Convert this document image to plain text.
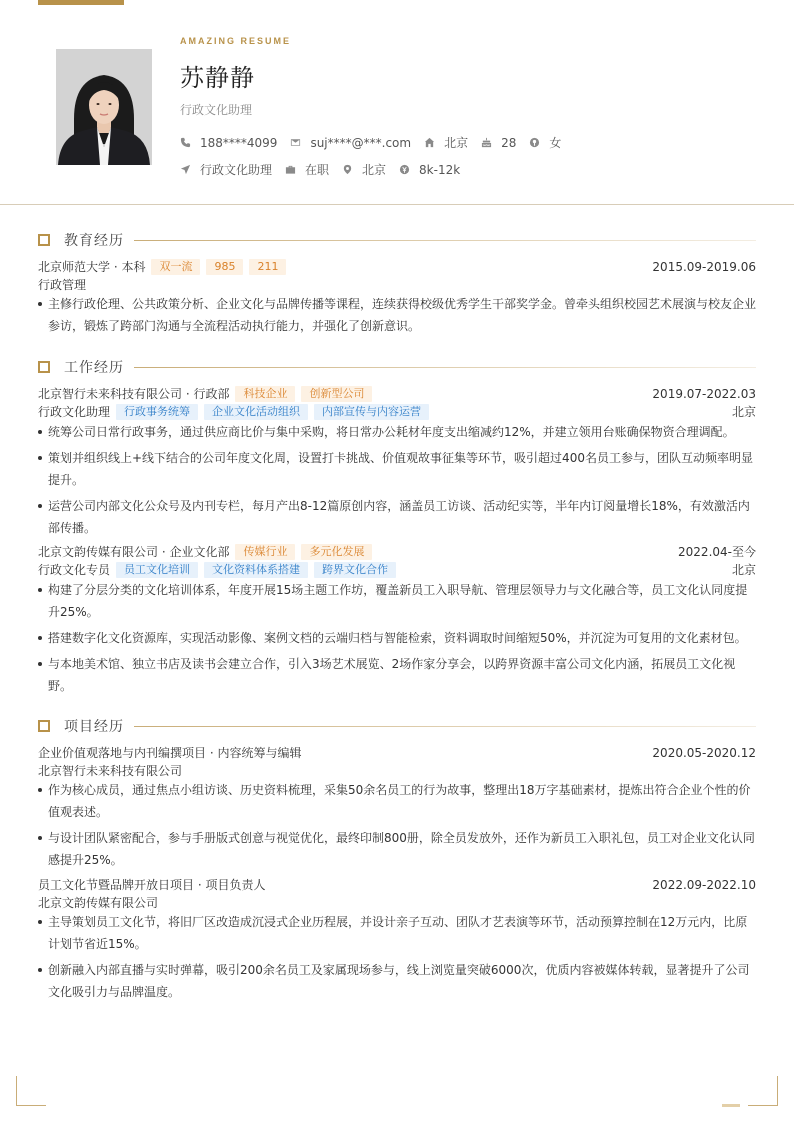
AMAZING RESUME
苏静静
行政文化助理
188****4099	suj****@***.com	北京	28	女
行政文化助理	在职	北京	8k-12k
教育经历
北京师范大学 · 本科	双一流	985	211	2015.09-2019.06
行政管理
主修行政伦理、公共政策分析、企业文化与品牌传播等课程，连续获得校级优秀学生干部奖学金。曾牵头组织校园艺术展演与校友企业参访，锻炼了跨部门沟通与全流程活动执行能力，并强化了创新意识。
工作经历
北京智行未来科技有限公司 · 行政部	科技企业	创新型公司	2019.07-2022.03
行政文化助理	行政事务统筹	企业文化活动组织	内部宣传与内容运营	北京
统筹公司日常行政事务，通过供应商比价与集中采购，将日常办公耗材年度支出缩减约12%，并建立领用台账确保物资合理调配。
策划并组织线上+线下结合的公司年度文化周，设置打卡挑战、价值观故事征集等环节，吸引超过400名员工参与，团队互动频率明显提升。
运营公司内部文化公众号及内刊专栏，每月产出8-12篇原创内容，涵盖员工访谈、活动纪实等，半年内订阅量增长18%，有效激活内部传播。
北京文韵传媒有限公司 · 企业文化部	传媒行业	多元化发展	2022.04-至今
行政文化专员	员工文化培训	文化资料体系搭建	跨界文化合作	北京
构建了分层分类的文化培训体系，年度开展15场主题工作坊，覆盖新员工入职导航、管理层领导力与文化融合等，员工文化认同度提升25%。
搭建数字化文化资源库，实现活动影像、案例文档的云端归档与智能检索，资料调取时间缩短50%，并沉淀为可复用的文化素材包。
与本地美术馆、独立书店及读书会建立合作，引入3场艺术展览、2场作家分享会，以跨界资源丰富公司文化内涵，拓展员工文化视野。
项目经历
企业价值观落地与内刊编撰项目 · 内容统筹与编辑	2020.05-2020.12
北京智行未来科技有限公司
作为核心成员，通过焦点小组访谈、历史资料梳理，采集50余名员工的行为故事，整理出18万字基础素材，提炼出符合企业个性的价值观表述。
与设计团队紧密配合，参与手册版式创意与视觉优化，最终印制800册，除全员发放外，还作为新员工入职礼包，员工对企业文化认同感提升25%。
员工文化节暨品牌开放日项目 · 项目负责人	2022.09-2022.10
北京文韵传媒有限公司
主导策划员工文化节，将旧厂区改造成沉浸式企业历程展，并设计亲子互动、团队才艺表演等环节，活动预算控制在12万元内，比原计划节省近15%。
创新融入内部直播与实时弹幕，吸引200余名员工及家属现场参与，线上浏览量突破6000次，优质内容被媒体转载，显著提升了公司文化吸引力与品牌温度。
